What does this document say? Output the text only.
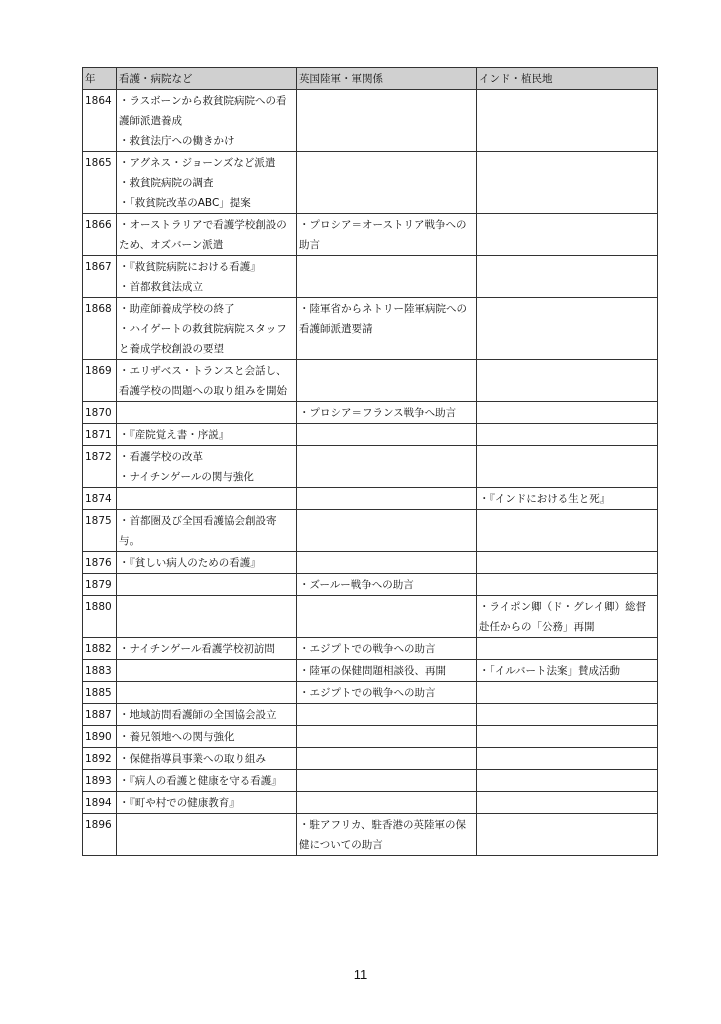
年	看護・病院など	英国陸軍・軍関係	インド・植民地
1864	・ラスボーンから救貧院病院への看護師派遣養成
・救貧法庁への働きかけ		
1865	・アグネス・ジョーンズなど派遣
・救貧院病院の調査
・「救貧院改革のABC」提案		
1866	・オーストラリアで看護学校創設のため、オズバーン派遣	・プロシア＝オーストリア戦争への助言	
1867	・『救貧院病院における看護』
・首都救貧法成立		
1868	・助産師養成学校の終了
・ハイゲートの救貧院病院スタッフと養成学校創設の要望	・陸軍省からネトリー陸軍病院への看護師派遣要請	
1869	・エリザベス・トランスと会話し、看護学校の問題への取り組みを開始		
1870		・プロシア＝フランス戦争へ助言	
1871	・『産院覚え書・序説』		
1872	・看護学校の改革
・ナイチンゲールの関与強化		
1874			・『インドにおける生と死』
1875	・首都圏及び全国看護協会創設寄与。		
1876	・『貧しい病人のための看護』		
1879		・ズールー戦争への助言	
1880			・ライポン卿（ド・グレイ卿）総督赴任からの「公務」再開
1882	・ナイチンゲール看護学校初訪問	・エジプトでの戦争への助言	
1883		・陸軍の保健問題相談役、再開	・「イルバート法案」賛成活動
1885		・エジプトでの戦争への助言	
1887	・地域訪問看護師の全国協会設立		
1890	・養兄領地への関与強化		
1892	・保健指導員事業への取り組み		
1893	・『病人の看護と健康を守る看護』		
1894	・『町や村での健康教育』		
1896		・駐アフリカ、駐香港の英陸軍の保健についての助言	
11
